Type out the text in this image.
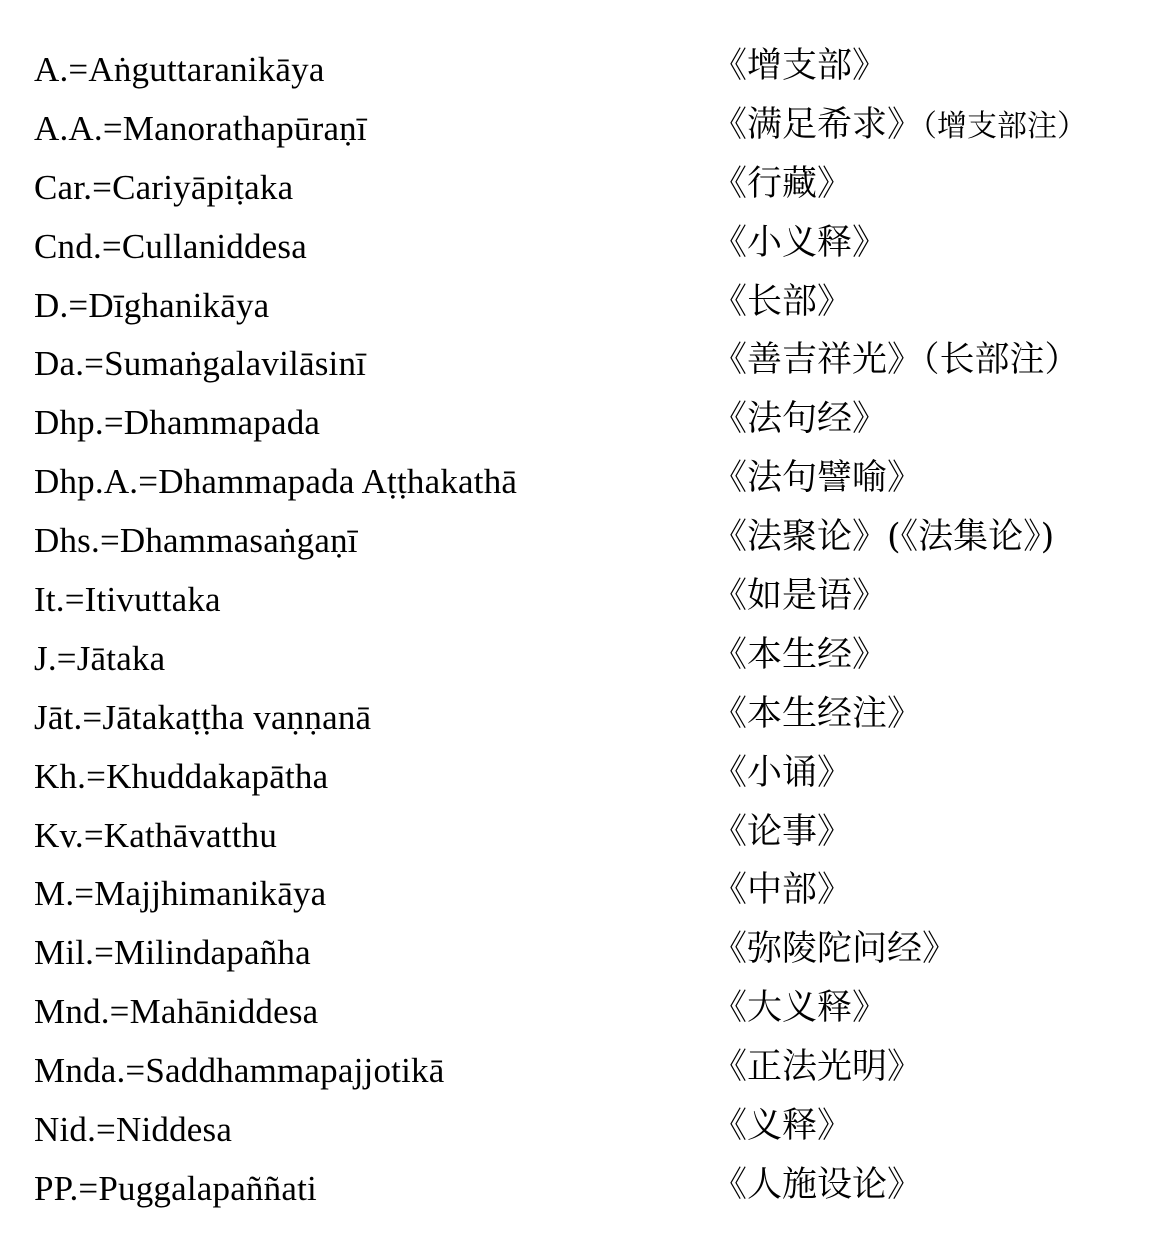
A.=Aṅguttaranikāya	《增支部》
A.A.=Manorathapūraṇī	《满足希求》（增支部注）
Car.=Cariyāpiṭaka	《行藏》
Cnd.=Cullaniddesa	《小义释》
D.=Dīghanikāya	《长部》
Da.=Sumaṅgalavilāsinī	《善吉祥光》（长部注）
Dhp.=Dhammapada	《法句经》
Dhp.A.=Dhammapada Aṭṭhakathā	《法句譬喻》
Dhs.=Dhammasaṅgaṇī	《法聚论》(《法集论》)
It.=Itivuttaka	《如是语》
J.=Jātaka	《本生经》
Jāt.=Jātakaṭṭha vaṇṇanā	《本生经注》
Kh.=Khuddakapātha	《小诵》
Kv.=Kathāvatthu	《论事》
M.=Majjhimanikāya	《中部》
Mil.=Milindapañha	《弥陵陀问经》
Mnd.=Mahāniddesa	《大义释》
Mnda.=Saddhammapajjotikā	《正法光明》
Nid.=Niddesa	《义释》
PP.=Puggalapaññati	《人施设论》
